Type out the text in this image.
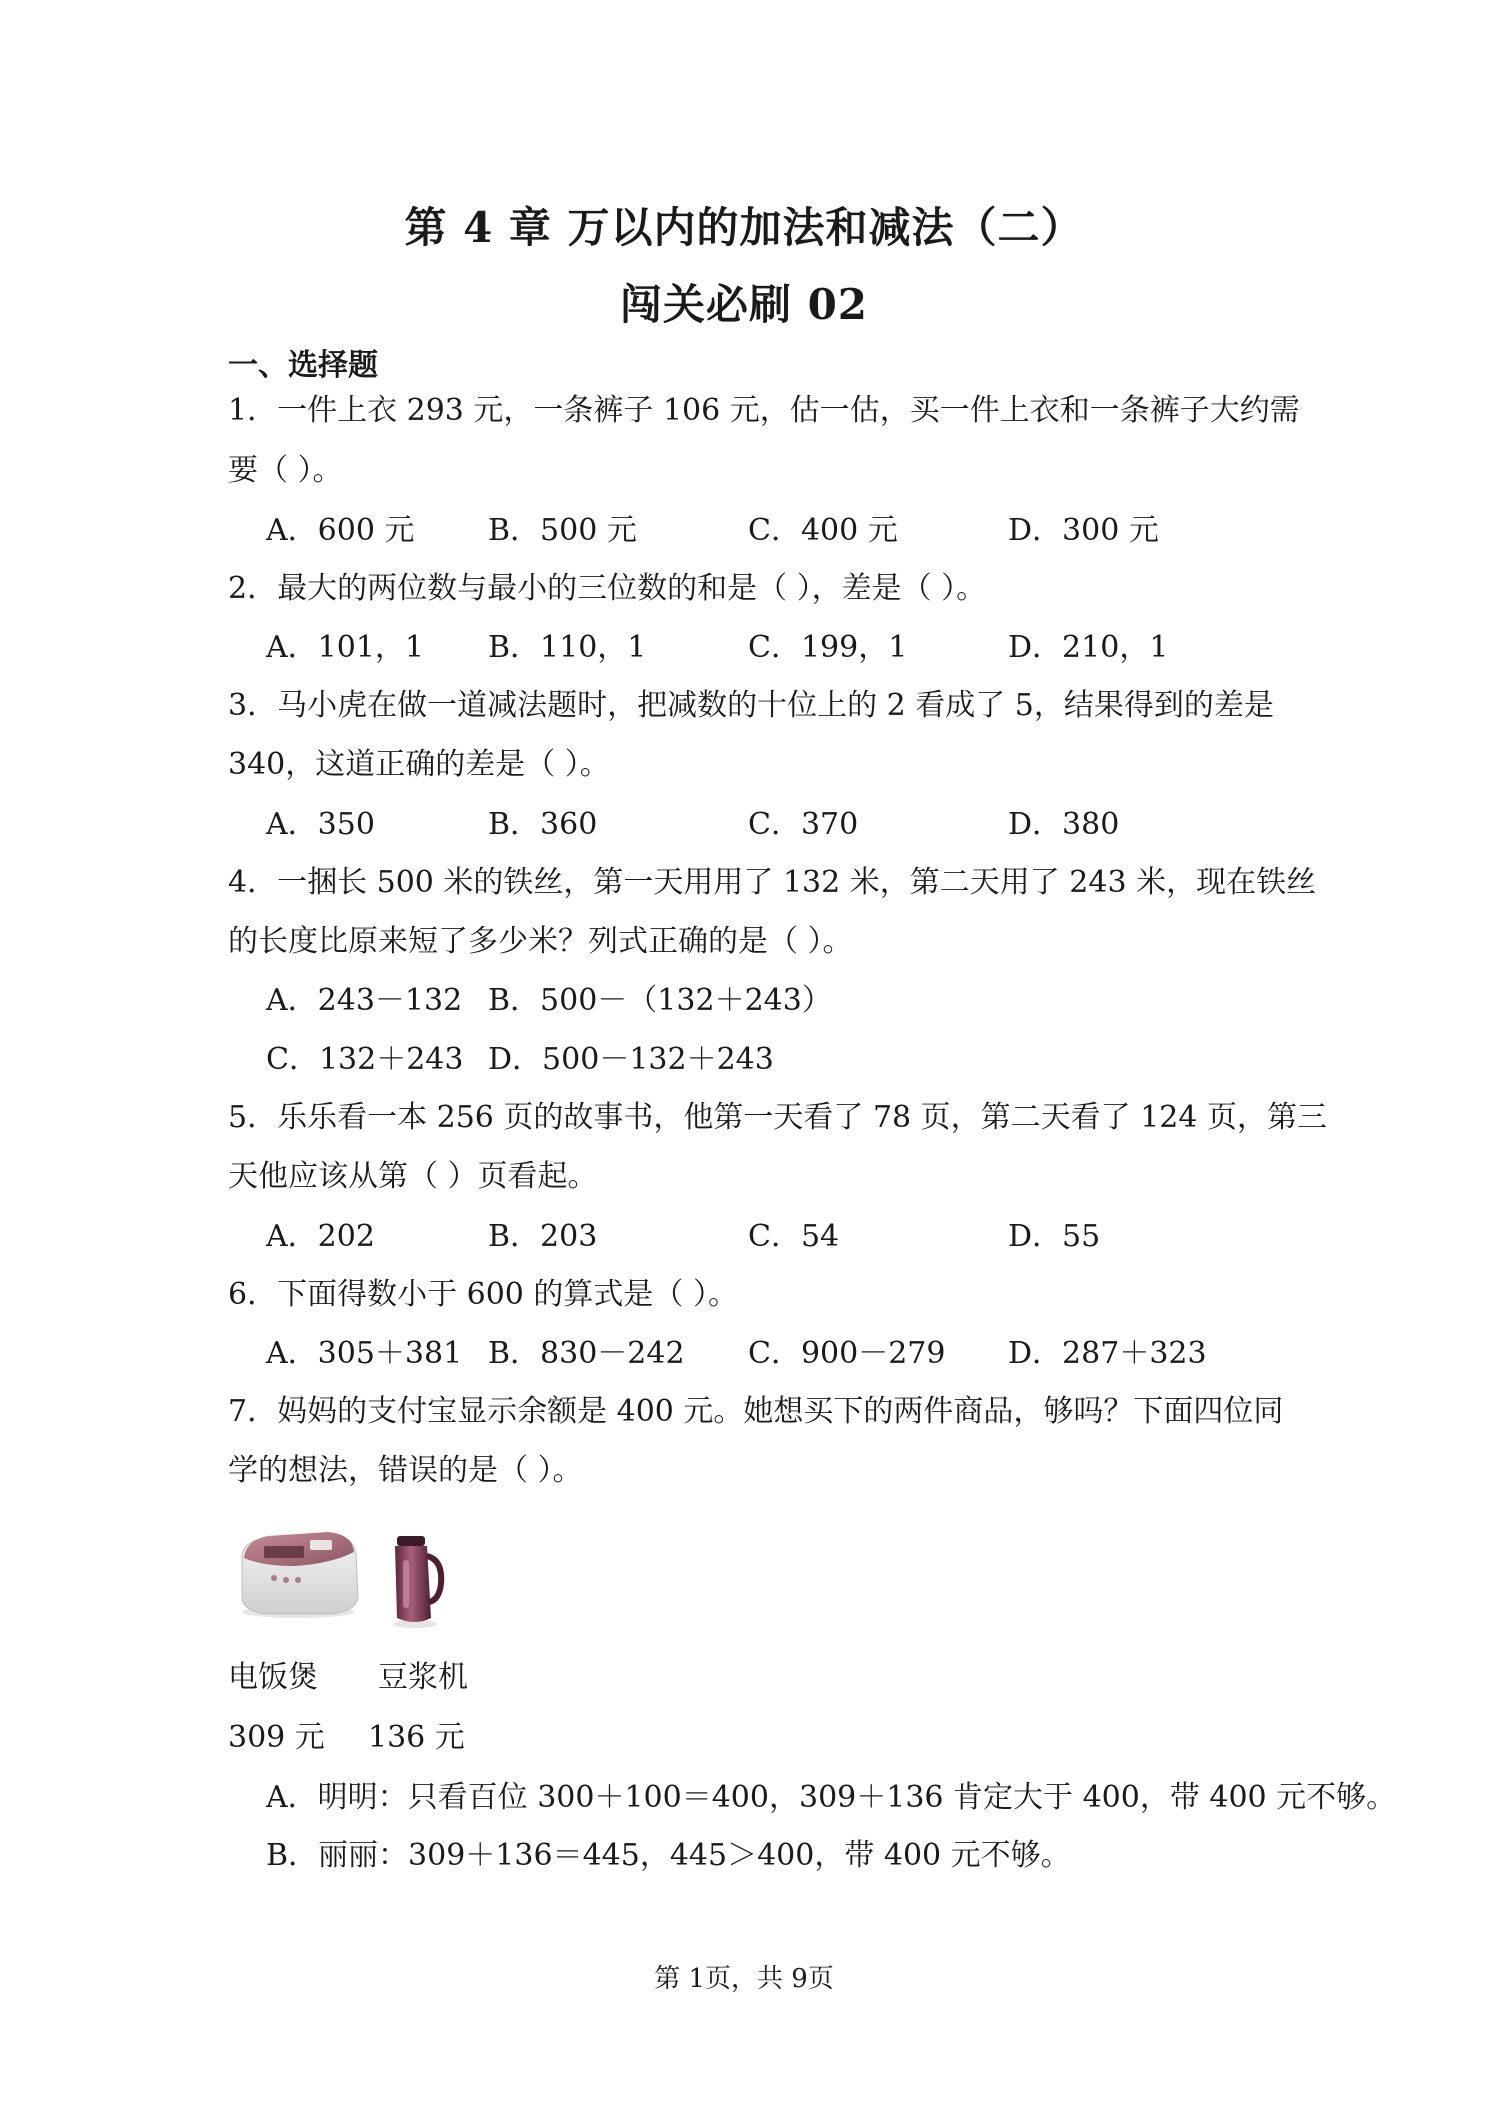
第 4 章 万以内的加法和减法（二）
闯关必刷 02
一、选择题
1．一件上衣 293 元，一条裤子 106 元，估一估，买一件上衣和一条裤子大约需
要（ ）。
A．600 元 B．500 元	C．400 元	D．300 元
2．最大的两位数与最小的三位数的和是（ ），差是（ ）。
A．101，1 B．110，1	C．199，1	D．210，1
3．马小虎在做一道减法题时，把减数的十位上的 2 看成了 5，结果得到的差是
340，这道正确的差是（ ）。
A．350	B．360	C．370	D．380
4．一捆长 500 米的铁丝，第一天用用了 132 米，第二天用了 243 米，现在铁丝
的长度比原来短了多少米？列式正确的是（ ）。
A．243－132 B．500－（132＋243）
C．132＋243 D．500－132＋243
5．乐乐看一本 256 页的故事书，他第一天看了 78 页，第二天看了 124 页，第三
天他应该从第（ ）页看起。
A．202	B．203	C．54	D．55
6．下面得数小于 600 的算式是（ ）。
A．305＋381 B．830－242 C．900－279 D．287＋323
7．妈妈的支付宝显示余额是 400 元。她想买下的两件商品，够吗？下面四位同
学的想法，错误的是（ ）。
电饭煲 豆浆机
309 元 136 元
A．明明：只看百位 300＋100＝400，309＋136 肯定大于 400，带 400 元不够。
B．丽丽：309＋136＝445，445＞400，带 400 元不够。
第 1页，共 9页
